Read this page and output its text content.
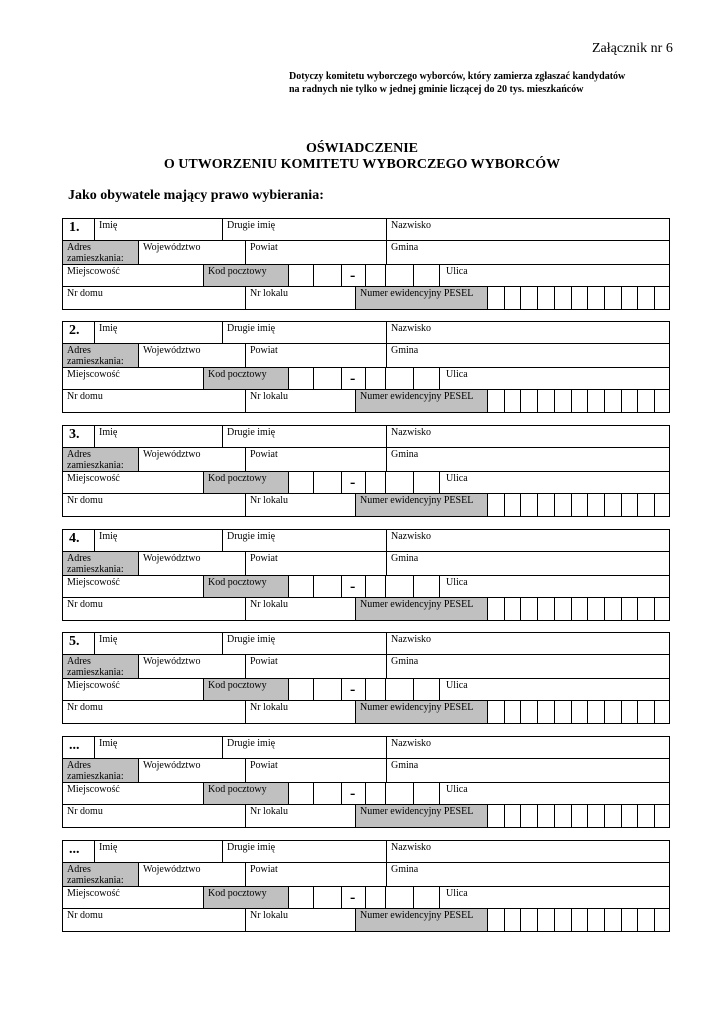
Załącznik nr 6
Dotyczy komitetu wyborczego wyborców, który zamierza zgłaszać kandydatów
na radnych nie tylko w jednej gminie liczącej do 20 tys. mieszkańców
OŚWIADCZENIE
O UTWORZENIU KOMITETU WYBORCZEGO WYBORCÓW
Jako obywatele mający prawo wybierania:
1.	Imię	Drugie imię	Nazwisko
Adres zamieszkania:
Województwo	Powiat	Gmina
Miejscowość	Kod pocztowy	-	Ulica
Nr domu	Nr lokalu	Numer ewidencyjny PESEL
2.	Imię	Drugie imię	Nazwisko
Adres zamieszkania:
Województwo	Powiat	Gmina
Miejscowość	Kod pocztowy	-	Ulica
Nr domu	Nr lokalu	Numer ewidencyjny PESEL
3.	Imię	Drugie imię	Nazwisko
Adres zamieszkania:
Województwo	Powiat	Gmina
Miejscowość	Kod pocztowy	-	Ulica
Nr domu	Nr lokalu	Numer ewidencyjny PESEL
4.	Imię	Drugie imię	Nazwisko
Adres zamieszkania:
Województwo	Powiat	Gmina
Miejscowość	Kod pocztowy	-	Ulica
Nr domu	Nr lokalu	Numer ewidencyjny PESEL
5.	Imię	Drugie imię	Nazwisko
Adres zamieszkania:
Województwo	Powiat	Gmina
Miejscowość	Kod pocztowy	-	Ulica
Nr domu	Nr lokalu	Numer ewidencyjny PESEL
...	Imię	Drugie imię	Nazwisko
Adres zamieszkania:
Województwo	Powiat	Gmina
Miejscowość	Kod pocztowy	-	Ulica
Nr domu	Nr lokalu	Numer ewidencyjny PESEL
...	Imię	Drugie imię	Nazwisko
Adres zamieszkania:
Województwo	Powiat	Gmina
Miejscowość	Kod pocztowy	-	Ulica
Nr domu	Nr lokalu	Numer ewidencyjny PESEL
